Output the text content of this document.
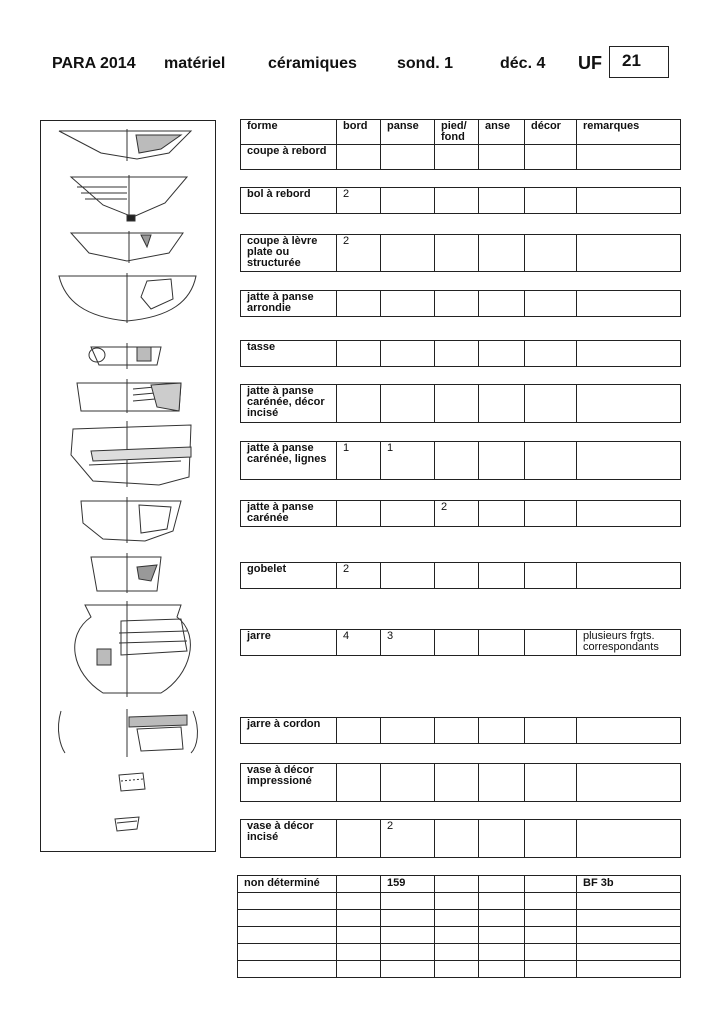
PARA 2014 matériel	céramiques	sond. 1	déc. 4 UF	21
forme	bord	panse	pied/ fond	anse	décor	remarques
coupe à rebord						
bol à rebord	2					
coupe à lèvre plate ou structurée	2					
jatte à panse arrondie						
tasse						
jatte à panse carénée, décor incisé						
jatte à panse carénée, lignes	1	1				
jatte à panse carénée			2			
gobelet	2					
jarre	4	3				plusieurs frgts. correspondants
jarre à cordon						
vase à décor impressioné						
vase à décor incisé		2				
non déterminé		159				BF 3b
